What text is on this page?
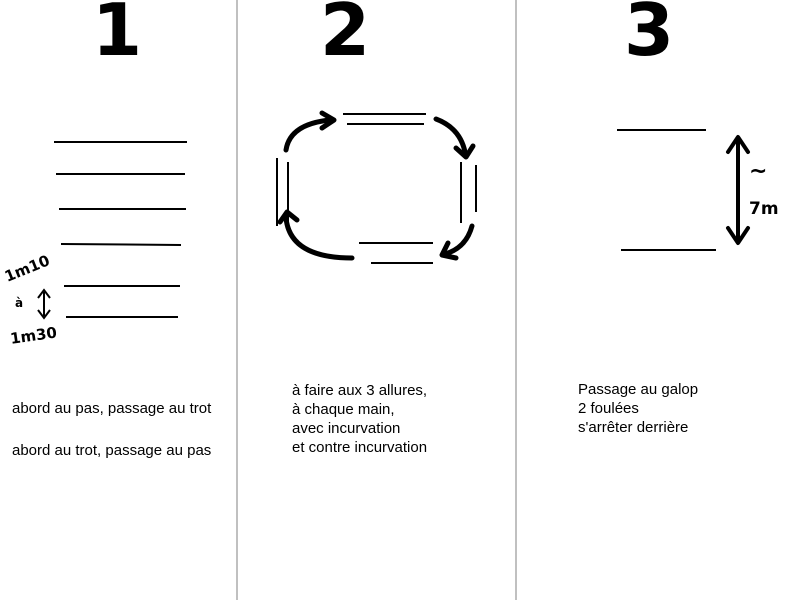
1
1m10
à
1m30
abord au pas, passage au trot
abord au trot, passage au pas
2
à faire aux 3 allures,
à chaque main,
avec incurvation
et contre incurvation
3
~
7m
Passage au galop
2 foulées
s'arrêter derrière
